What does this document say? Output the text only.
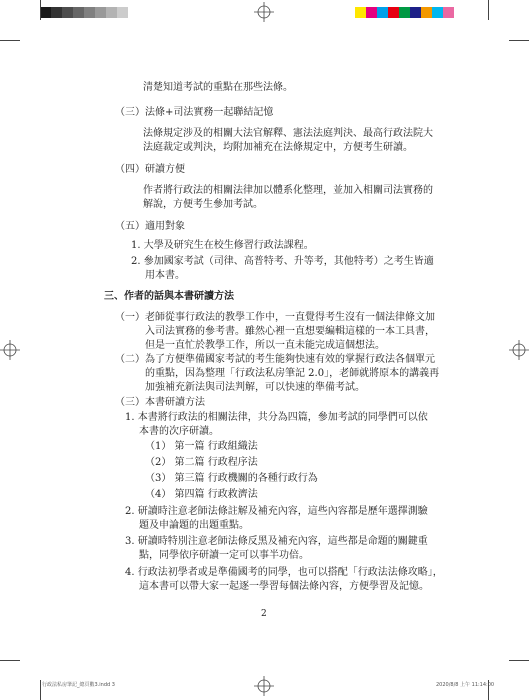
清楚知道考試的重點在那些法條。
（三）法條+司法實務一起聯結記憶
法條規定涉及的相關大法官解釋、憲法法庭判決、最高行政法院大
法庭裁定或判決，均附加補充在法條規定中，方便考生研讀。
（四）研讀方便
作者將行政法的相關法律加以體系化整理，並加入相關司法實務的
解說，方便考生參加考試。
（五）適用對象
1. 大學及研究生在校生修習行政法課程。
2. 參加國家考試（司律、高普特考、升等考，其他特考）之考生皆適
用本書。
三、作者的話與本書研讀方法
（一）老師從事行政法的教學工作中，一直覺得考生沒有一個法律條文加
入司法實務的參考書。雖然心裡一直想要編輯這樣的一本工具書，
但是一直忙於教學工作，所以一直未能完成這個想法。
（二）為了方便準備國家考試的考生能夠快速有效的掌握行政法各個單元
的重點，因為整理「行政法私房筆記 2.0」，老師就將原本的講義再
加強補充新法與司法判解，可以快速的準備考試。
（三）本書研讀方法
1. 本書將行政法的相關法律，共分為四篇，參加考試的同學們可以依
本書的次序研讀。
（1） 第一篇 行政組織法
（2） 第二篇 行政程序法
（3） 第三篇 行政機關的各種行政行為
（4） 第四篇 行政救濟法
2. 研讀時注意老師法條註解及補充內容，這些內容都是歷年選擇測驗
題及申論題的出題重點。
3. 研讀時特別注意老師法條反黑及補充內容，這些都是命題的關鍵重
點，同學依序研讀一定可以事半功倍。
4. 行政法初學者或是準備國考的同學，也可以搭配「行政法法條攻略」，
這本書可以帶大家一起逐一學習每個法條內容，方便學習及記憶。
2
行政法私房筆記_總頁數3.indd 3	2020/8/8 上午 11:14:00
